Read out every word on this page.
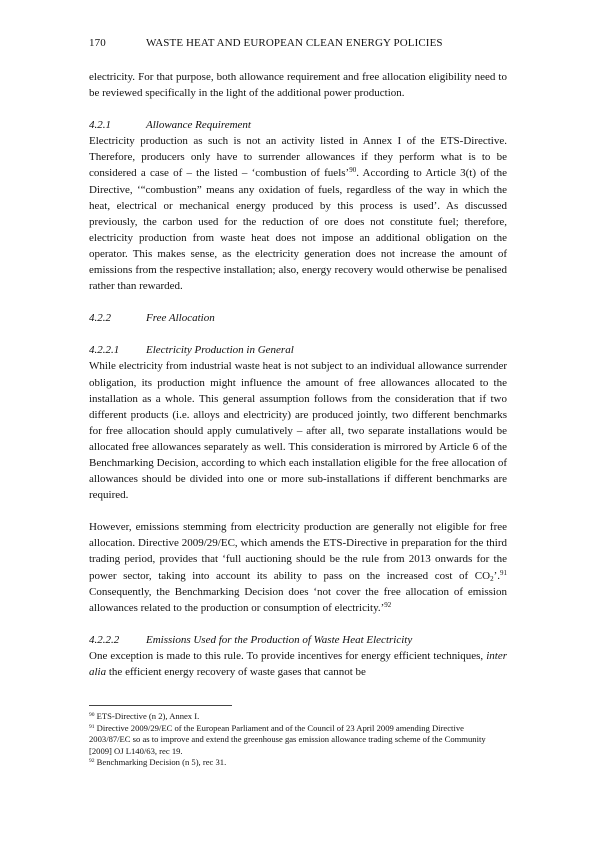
170	WASTE HEAT AND EUROPEAN CLEAN ENERGY POLICIES

electricity. For that purpose, both allowance requirement and free allocation eligibility need to be reviewed specifically in the light of the additional power production.

4.2.1	Allowance Requirement

Electricity production as such is not an activity listed in Annex I of the ETS-Directive. Therefore, producers only have to surrender allowances if they perform what is to be considered a case of – the listed – ‘combustion of fuels’$^{90}$. According to Article 3(t) of the Directive, ‘“combustion” means any oxidation of fuels, regardless of the way in which the heat, electrical or mechanical energy produced by this process is used’. As discussed previously, the carbon used for the reduction of ore does not constitute fuel; therefore, electricity production from waste heat does not impose an additional obligation on the operator. This makes sense, as the electricity generation does not increase the amount of emissions from the respective installation; also, energy recovery would otherwise be penalised rather than rewarded.

4.2.2	Free Allocation
4.2.2.1	Electricity Production in General

While electricity from industrial waste heat is not subject to an individual allowance surrender obligation, its production might influence the amount of free allowances allocated to the installation as a whole. This general assumption follows from the consideration that if two different products (i.e. alloys and electricity) are produced jointly, two different benchmarks for free allocation should apply cumulatively – after all, two separate installations would be allocated free allowances separately as well. This consideration is mirrored by Article 6 of the Benchmarking Decision, according to which each installation eligible for the free allocation of allowances should be divided into one or more sub-installations if different benchmarks are required.

However, emissions stemming from electricity production are generally not eligible for free allocation. Directive 2009/29/EC, which amends the ETS-Directive in preparation for the third trading period, provides that ‘full auctioning should be the rule from 2013 onwards for the power sector, taking into account its ability to pass on the increased cost of $CO_2’.^{91}$ Consequently, the Benchmarking Decision does ‘not cover the free allocation of emission allowances related to the production or consumption of electricity.’$^{92}$

4.2.2.2	Emissions Used for the Production of Waste Heat Electricity

One exception is made to this rule. To provide incentives for energy efficient techniques, inter alia the efficient energy recovery of waste gases that cannot be

$^{90}$ ETS-Directive (n 2), Annex I.

$^{91}$ Directive 2009/29/EC of the European Parliament and of the Council of 23 April 2009 amending Directive 2003/87/EC so as to improve and extend the greenhouse gas emission allowance trading scheme of the Community [2009] OJ L140/63, rec 19.

$^{92}$ Benchmarking Decision (n 5), rec 31.
